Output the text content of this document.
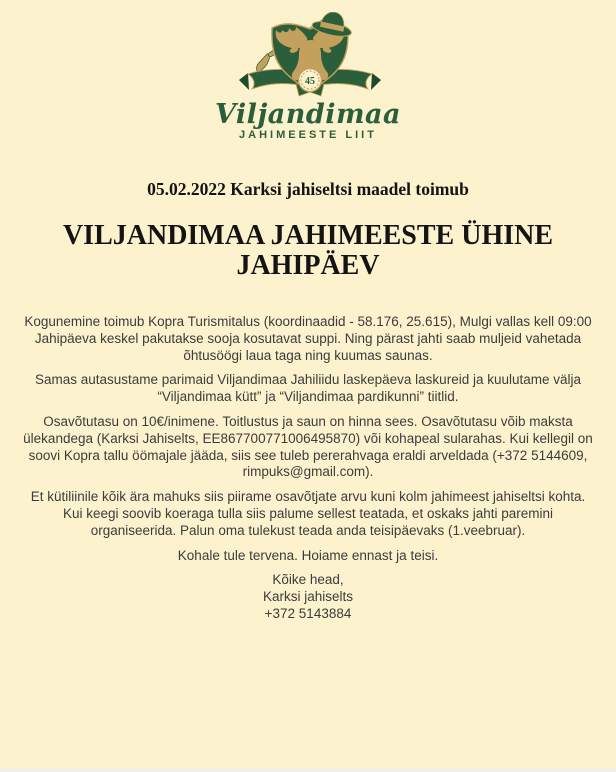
45
Viljandimaa
JAHIMEESTE LIIT
05.02.2022 Karksi jahiseltsi maadel toimub
VILJANDIMAA JAHIMEESTE ÜHINE
JAHIPÄEV

Kogunemine toimub Kopra Turismitalus (koordinaadid - 58.176, 25.615), Mulgi vallas kell 09:00 Jahipäeva keskel pakutakse sooja kosutavat suppi. Ning pärast jahti saab muljeid vahetada õhtusöögi laua taga ning kuumas saunas.

Samas autasustame parimaid Viljandimaa Jahiliidu laskepäeva laskureid ja kuulutame välja “Viljandimaa kütt” ja “Viljandimaa pardikunni” tiitlid.

Osavõtutasu on 10€/inimene. Toitlustus ja saun on hinna sees. Osavõtutasu võib maksta ülekandega (Karksi Jahiselts, EE867700771006495870) või kohapeal sularahas. Kui kellegil on soovi Kopra tallu öömajale jääda, siis see tuleb pererahvaga eraldi arveldada (+372 5144609, rimpuks@gmail.com).

Et kütiliinile kõik ära mahuks siis piirame osavõtjate arvu kuni kolm jahimeest jahiseltsi kohta. Kui keegi soovib koeraga tulla siis palume sellest teatada, et oskaks jahti paremini organiseerida. Palun oma tulekust teada anda teisipäevaks (1.veebruar).

Kohale tule tervena. Hoiame ennast ja teisi.

Kõike head,
Karksi jahiselts
+372 5143884
